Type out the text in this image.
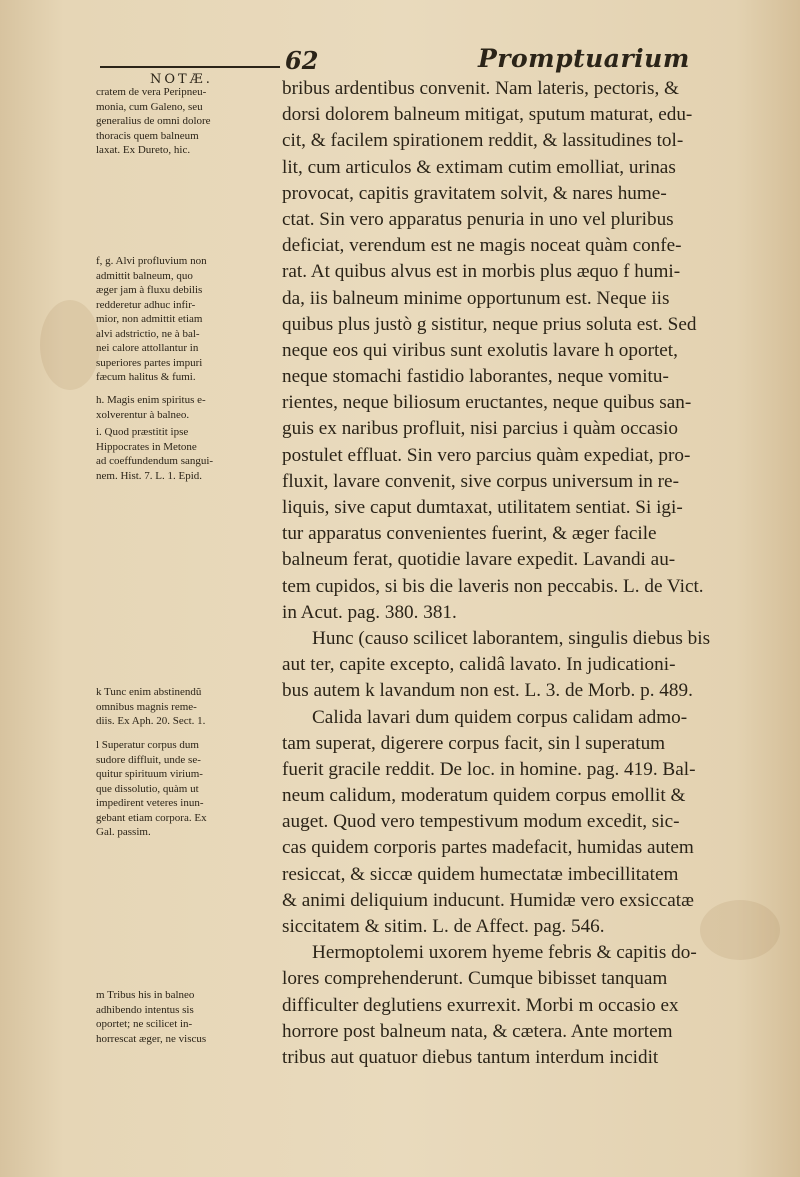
62	Promptuarium
NOTÆ.
cratem de vera Peripneu-
monia, cum Galeno, seu
generalius de omni dolore
thoracis quem balneum
laxat. Ex Dureto, hic.
f, g. Alvi profluvium non
admittit balneum, quo
æger jam à fluxu debilis
redderetur adhuc infir-
mior, non admittit etiam
alvi adstrictio, ne à bal-
nei calore attollantur in
superiores partes impuri
fæcum halitus & fumi.
h. Magis enim spiritus e-
xolverentur à balneo.
i. Quod præstitit ipse
Hippocrates in Metone
ad coeffundendum sangui-
nem. Hist. 7. L. 1. Epid.
k Tunc enim abstinendũ
omnibus magnis reme-
diis. Ex Aph. 20. Sect. 1.
l Superatur corpus dum
sudore diffluit, unde se-
quitur spirituum virium-
que dissolutio, quàm ut
impedirent veteres inun-
gebant etiam corpora. Ex
Gal. passim.
m Tribus his in balneo
adhibendo intentus sis
oportet; ne scilicet in-
horrescat æger, ne viscus
bribus ardentibus convenit. Nam lateris, pectoris, &
dorsi dolorem balneum mitigat, sputum maturat, edu-
cit, & facilem spirationem reddit, & lassitudines tol-
lit, cum articulos & extimam cutim emolliat, urinas
provocat, capitis gravitatem solvit, & nares hume-
ctat. Sin vero apparatus penuria in uno vel pluribus
deficiat, verendum est ne magis noceat quàm confe-
rat. At quibus alvus est in morbis plus æquo f humi-
da, iis balneum minime opportunum est. Neque iis
quibus plus justò g sistitur, neque prius soluta est. Sed
neque eos qui viribus sunt exolutis lavare h oportet,
neque stomachi fastidio laborantes, neque vomitu-
rientes, neque biliosum eructantes, neque quibus san-
guis ex naribus profluit, nisi parcius i quàm occasio
postulet effluat. Sin vero parcius quàm expediat, pro-
fluxit, lavare convenit, sive corpus universum in re-
liquis, sive caput dumtaxat, utilitatem sentiat. Si igi-
tur apparatus convenientes fuerint, & æger facile
balneum ferat, quotidie lavare expedit. Lavandi au-
tem cupidos, si bis die laveris non peccabis. L. de Vict.
in Acut. pag. 380. 381.
Hunc (causo scilicet laborantem, singulis diebus bis
aut ter, capite excepto, calidâ lavato. In judicationi-
bus autem k lavandum non est. L. 3. de Morb. p. 489.
Calida lavari dum quidem corpus calidam admo-
tam superat, digerere corpus facit, sin l superatum
fuerit gracile reddit. De loc. in homine. pag. 419. Bal-
neum calidum, moderatum quidem corpus emollit &
auget. Quod vero tempestivum modum excedit, sic-
cas quidem corporis partes madefacit, humidas autem
resiccat, & siccæ quidem humectatæ imbecillitatem
& animi deliquium inducunt. Humidæ vero exsiccatæ
siccitatem & sitim. L. de Affect. pag. 546.
Hermoptolemi uxorem hyeme febris & capitis do-
lores comprehenderunt. Cumque bibisset tanquam
difficulter deglutiens exurrexit. Morbi m occasio ex
horrore post balneum nata, & cætera. Ante mortem
tribus aut quatuor diebus tantum interdum incidit
